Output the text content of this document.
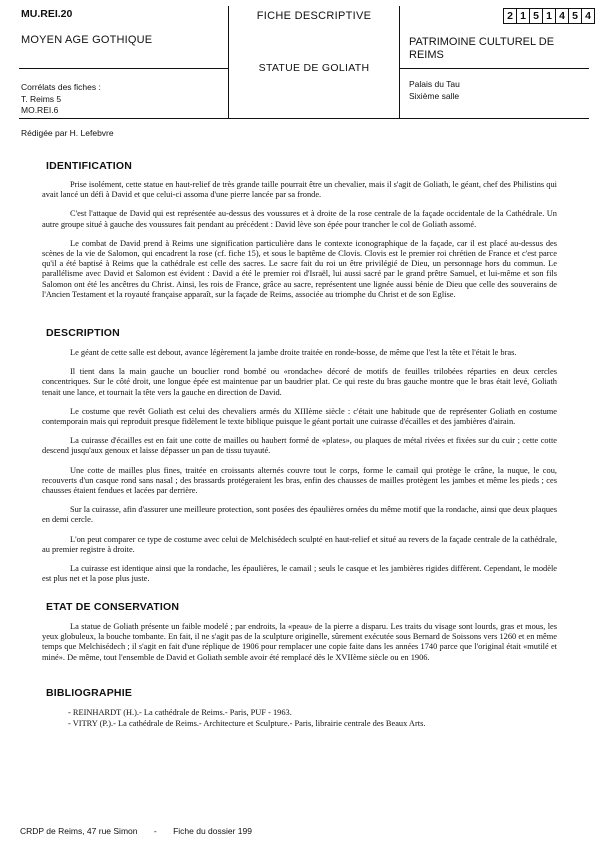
MU.REI.20
MOYEN AGE GOTHIQUE
Corrélats des fiches :
T. Reims 5
MO.REI.6
FICHE DESCRIPTIVE
STATUE DE GOLIATH
2 1 5 1 4 5 4
PATRIMOINE CULTUREL DE
REIMS
Palais du Tau
Sixième salle
Rédigée par H. Lefebvre
IDENTIFICATION

Prise isolément, cette statue en haut-relief de très grande taille pourrait être un chevalier, mais il s'agit de Goliath, le géant, chef des Philistins qui avait lancé un défi à David et que celui-ci assoma d'une pierre lancée par sa fronde.

C'est l'attaque de David qui est représentée au-dessus des voussures et à droite de la rose centrale de la façade occidentale de la Cathédrale. Un autre groupe situé à gauche des voussures fait pendant au précédent : David lève son épée pour trancher le col de Goliath assomé.

Le combat de David prend à Reims une signification particulière dans le contexte iconographique de la façade, car il est placé au-dessus des scènes de la vie de Salomon, qui encadrent la rose (cf. fiche 15), et sous le baptême de Clovis. Clovis est le premier roi chrétien de France et c'est parce qu'il a été baptisé à Reims que la cathédrale est celle des sacres. Le sacre fait du roi un être privilégié de Dieu, un personnage hors du commun. Le parallélisme avec David et Salomon est évident : David a été le premier roi d'Israël, lui aussi sacré par le grand prêtre Samuel, et lui-même et son fils Salomon ont été les ancêtres du Christ. Ainsi, les rois de France, grâce au sacre, représentent une lignée aussi bénie de Dieu que celle des souverains de l'Ancien Testament et la royauté française apparaît, sur la façade de Reims, associée au triomphe du Christ et de son Eglise.

DESCRIPTION

Le géant de cette salle est debout, avance légèrement la jambe droite traitée en ronde-bosse, de même que l'est la tête et l'était le bras.

Il tient dans la main gauche un bouclier rond bombé ou «rondache» décoré de motifs de feuilles trilobées réparties en deux cercles concentriques. Sur le côté droit, une longue épée est maintenue par un baudrier plat. Ce qui reste du bras gauche montre que le bras était levé, Goliath tenait une lance, et tournait la tête vers la gauche en direction de David.

Le costume que revêt Goliath est celui des chevaliers armés du XIIIème siècle : c'était une habitude que de représenter Goliath en costume contemporain mais qui reproduit presque fidèlement le texte biblique puisque le géant portait une cuirasse d'écailles et des jambières d'airain.

La cuirasse d'écailles est en fait une cotte de mailles ou haubert formé de «plates», ou plaques de métal rivées et fixées sur du cuir ; cette cotte descend jusqu'aux genoux et laisse dépasser un pan de tissu tuyauté.

Une cotte de mailles plus fines, traitée en croissants alternés couvre tout le corps, forme le camail qui protège le crâne, la nuque, le cou, recouverts d'un casque rond sans nasal ; des brassards protégeraient les bras, enfin des chausses de mailles protègent les jambes et même les pieds ; ces chausses étaient fendues et lacées par derrière.

Sur la cuirasse, afin d'assurer une meilleure protection, sont posées des épaulières ornées du même motif que la rondache, ainsi que deux plaques en demi cercle.

L'on peut comparer ce type de costume avec celui de Melchisédech sculpté en haut-relief et situé au revers de la façade centrale de la cathédrale, au premier registre à droite.

La cuirasse est identique ainsi que la rondache, les épaulières, le camail ; seuls le casque et les jambières rigides diffèrent. Cependant, le modèle est plus net et la pose plus juste.

ETAT DE CONSERVATION

La statue de Goliath présente un faible modelé ; par endroits, la «peau» de la pierre a disparu. Les traits du visage sont lourds, gras et mous, les yeux globuleux, la bouche tombante. En fait, il ne s'agit pas de la sculpture originelle, sûrement exécutée sous Bernard de Soissons vers 1260 et en même temps que Melchisédech ; il s'agit en fait d'une réplique de 1906 pour remplacer une copie faite dans les années 1740 parce que l'original était «mutilé et miné». De même, tout l'ensemble de David et Goliath semble avoir été remplacé dès le XVIIème siècle ou en 1906.

BIBLIOGRAPHIE
- REINHARDT (H.).- La cathédrale de Reims.- Paris, PUF - 1963.
- VITRY (P.).- La cathédrale de Reims.- Architecture et Sculpture.- Paris, librairie centrale des Beaux Arts.
CRDP de Reims, 47 rue Simon - Fiche du dossier 199
